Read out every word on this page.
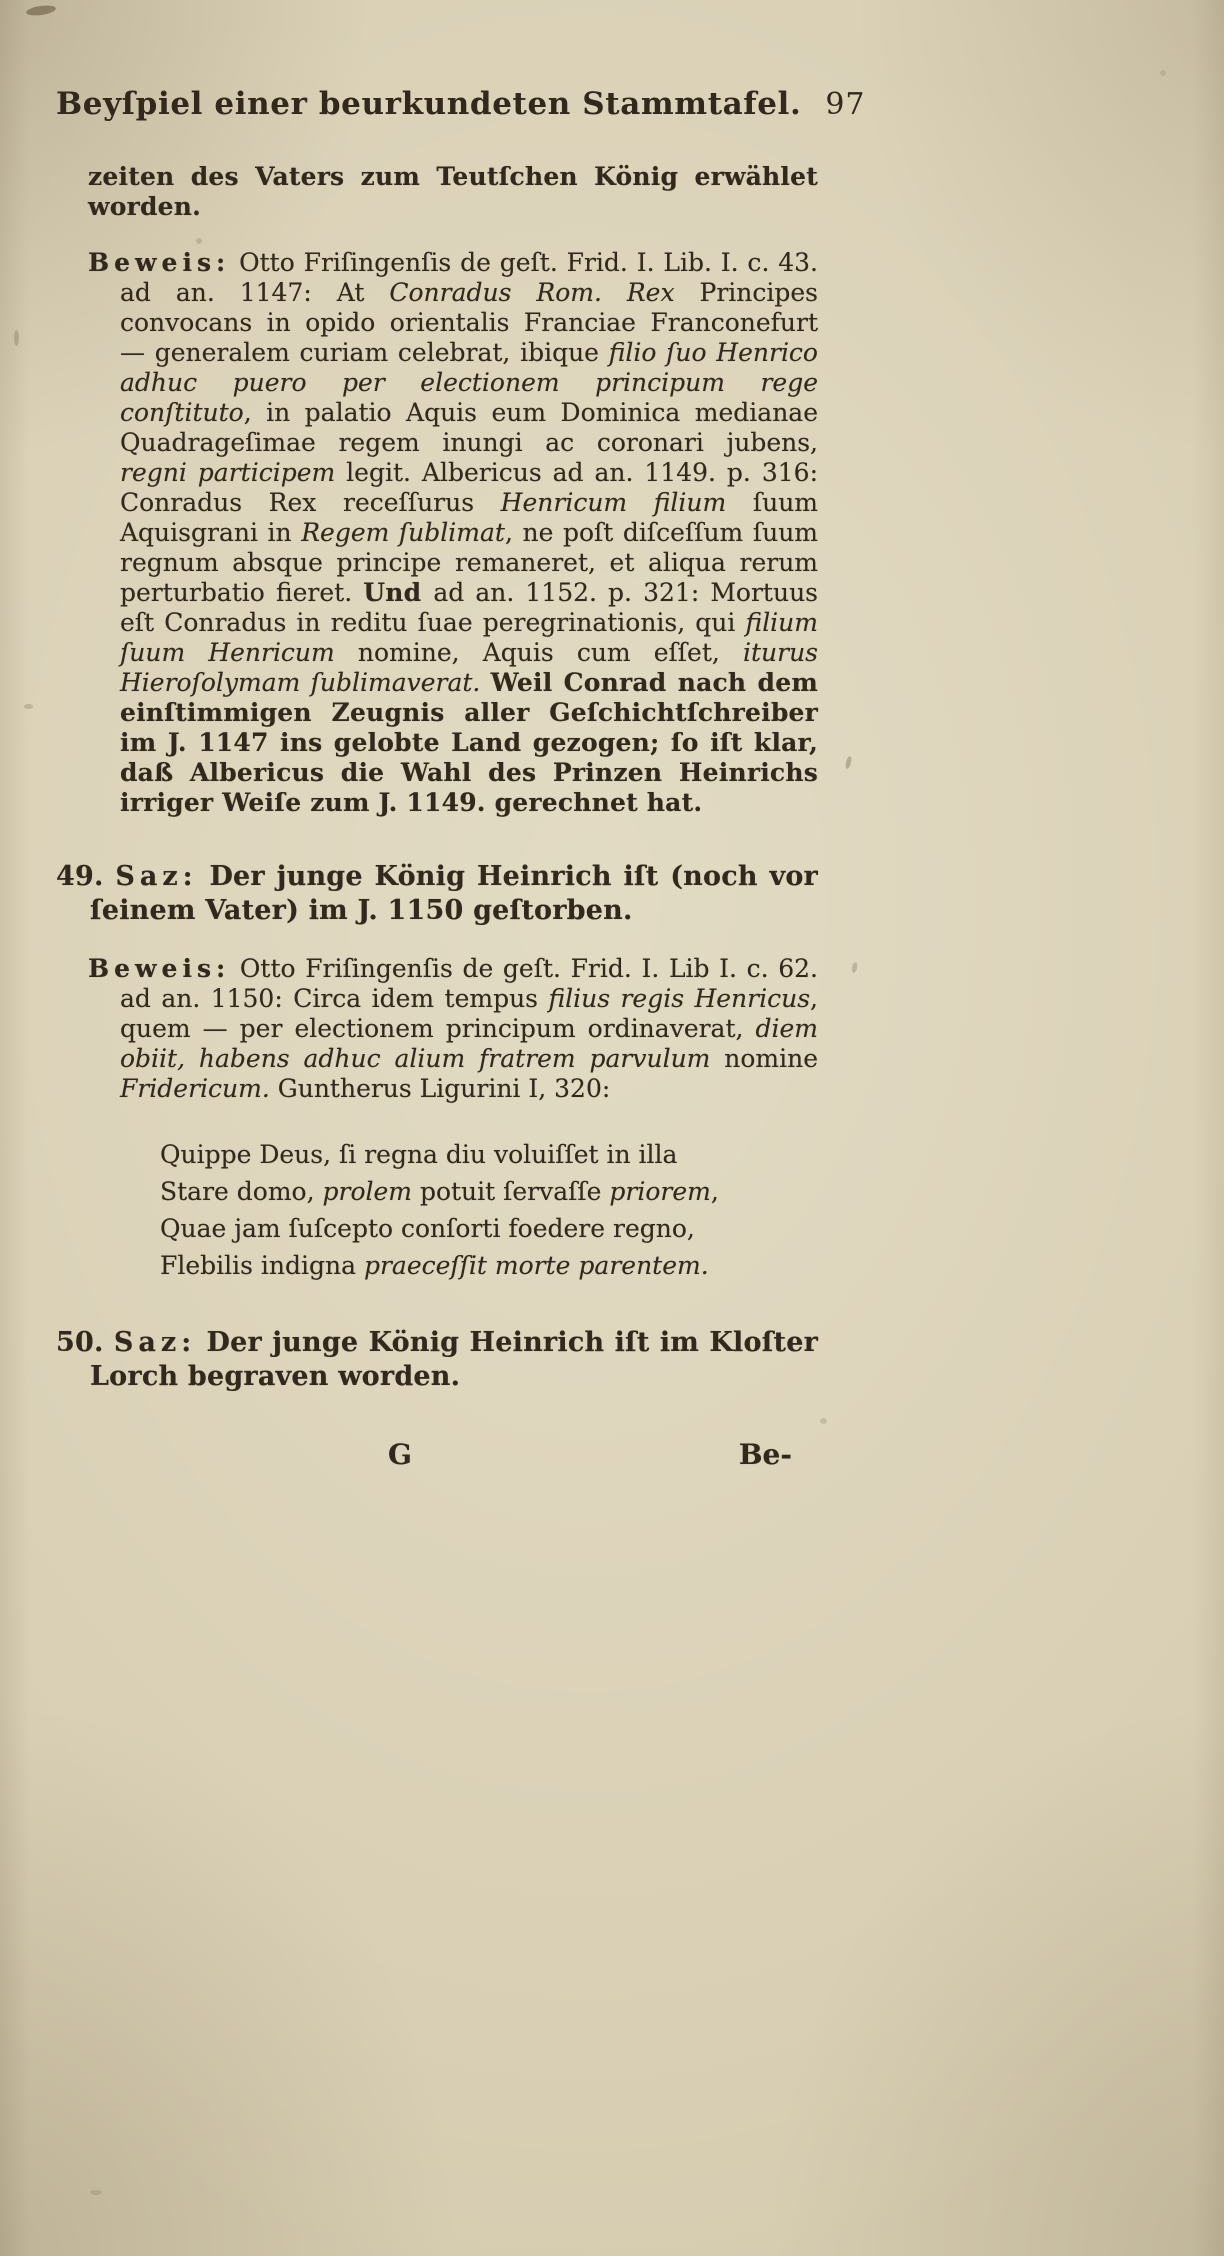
Beyſpiel einer beurkundeten Stammtafel. 97

zeiten des Vaters zum Teutſchen König erwählet worden.

Beweis: Otto Friſingenſis de geſt. Frid. I. Lib. I. c. 43. ad an. 1147: At Conradus Rom. Rex Principes convocans in opido orientalis Franciae Franconefurt — generalem curiam celebrat, ibique filio ſuo Henrico adhuc puero per electionem principum rege conſtituto, in palatio Aquis eum Dominica medianae Quadrageſimae regem inungi ac coronari jubens, regni participem legit. Albericus ad an. 1149. p. 316: Conradus Rex receſſurus Henricum filium ſuum Aquisgrani in Regem ſublimat, ne poſt diſceſſum ſuum regnum absque principe remaneret, et aliqua rerum perturbatio fieret. Und ad an. 1152. p. 321: Mortuus eſt Conradus in reditu ſuae peregrinationis, qui filium ſuum Henricum nomine, Aquis cum eſſet, iturus Hieroſolymam ſublimaverat. Weil Conrad nach dem einſtimmigen Zeugnis aller Geſchichtſchreiber im J. 1147 ins gelobte Land gezogen; ſo iſt klar, daß Albericus die Wahl des Prinzen Heinrichs irriger Weiſe zum J. 1149. gerechnet hat.

49. Saz: Der junge König Heinrich iſt (noch vor ſeinem Vater) im J. 1150 geſtorben.

Beweis: Otto Friſingenſis de geſt. Frid. I. Lib I. c. 62. ad an. 1150: Circa idem tempus filius regis Henricus, quem — per electionem principum ordinaverat, diem obiit, habens adhuc alium fratrem parvulum nomine Fridericum. Guntherus Ligurini I, 320:

Quippe Deus, ſi regna diu voluiſſet in illa
Stare domo, prolem potuit ſervaſſe priorem,
Quae jam ſuſcepto conſorti foedere regno,
Flebilis indigna praeceſſit morte parentem.

50. Saz: Der junge König Heinrich iſt im Kloſter Lorch begraven worden.

G	Be-
